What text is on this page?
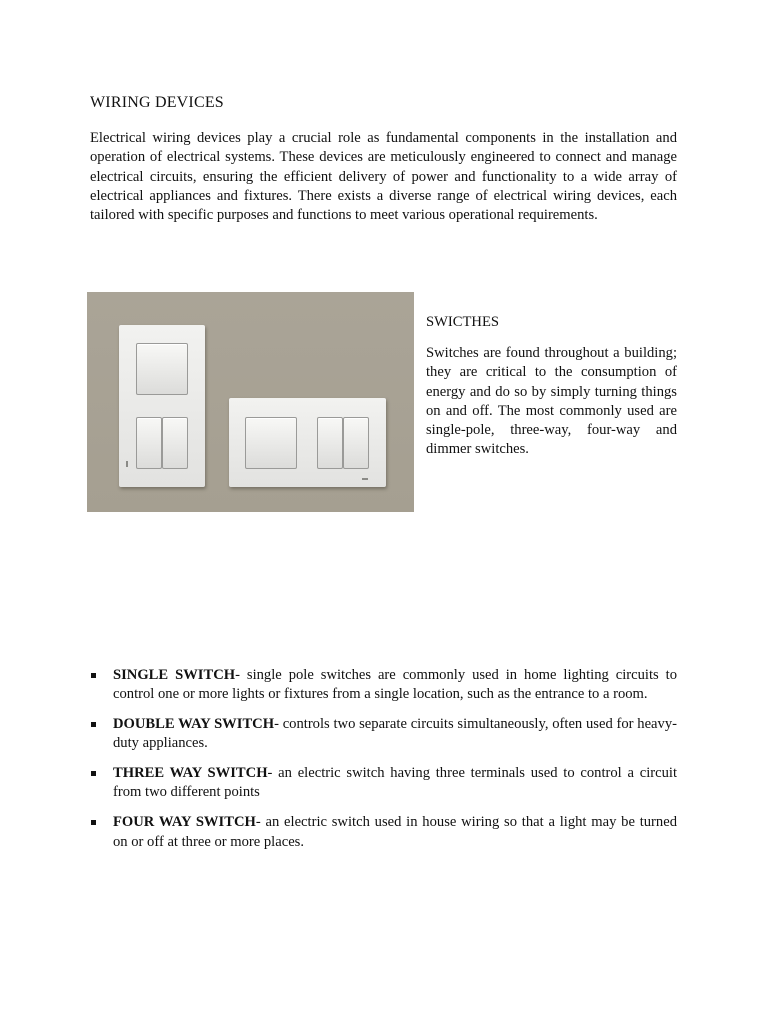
WIRING DEVICES

Electrical wiring devices play a crucial role as fundamental components in the installation and operation of electrical systems. These devices are meticulously engineered to connect and manage electrical circuits, ensuring the efficient delivery of power and functionality to a wide array of electrical appliances and fixtures. There exists a diverse range of electrical wiring devices, each tailored with specific purposes and functions to meet various operational requirements.

SWICTHES

Switches are found throughout a building; they are critical to the consumption of energy and do so by simply turning things on and off. The most commonly used are single-pole, three-way, four-way and dimmer switches.

SINGLE SWITCH- single pole switches are commonly used in home lighting circuits to control one or more lights or fixtures from a single location, such as the entrance to a room.
DOUBLE WAY SWITCH- controls two separate circuits simultaneously, often used for heavy-duty appliances.
THREE WAY SWITCH- an electric switch having three terminals used to control a circuit from two different points
FOUR WAY SWITCH- an electric switch used in house wiring so that a light may be turned on or off at three or more places.
